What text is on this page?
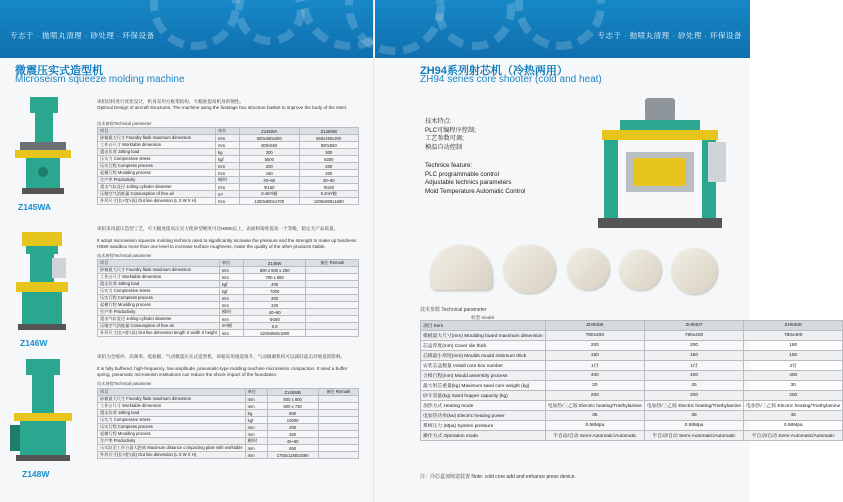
专志于 · 抛喷丸清理 · 砂处理 · 环保设备
微震压实式造型机
Microseism squeeze molding machine
Z145WA
Z146W
Z148W
该机结构进行优化设计，机身采用方框架结构，大幅度提高机身的钢性。
Optimal Design of aircraft structures. The machine using the fuselage box structure basket to improve the body of the steel.
技术参数Technical parameter
项目	单位	Z145WA	Z145WB
砂箱最大尺寸 Foundry flask maximum dimension	mm	500x450x200	550x450x200
工作台尺寸 Worktable dimension	mm	800x550	800x550
震击负荷 Jolting load	kg	300	300
压实力 Compressive stress	kgf	5500	6300
压实行程 Compress process	mm	200	200
起模行程 Moulding process	mm	180	200
生产率 Productivity	模/时	40~60	40~60
震击气缸直径 Jolting cylinder diameter	mm	Φ150	Φ150
压缩空气消耗量 Consumption of free air	m³	0.4m³/模	0.4m³/模
外形尺寸(长×宽×高) Out line dimension (L X W X H)	mm	1300x800x1700	1200x800x1680
该机采用震压造型工艺，可大幅度提高压实力使砂型硬度可达HB90以上，表面和铸度提高一个等级，稳定无产品质量。
It adopt microseism squeeze molding technics used to significantly increase the pressure and the strength to make up hardness HB90 sandbox more than one level to increase surface roughness, make the quality of the other products stable.
技术参数Technical parameter
项目	单位	Z146W	备注 Remark
砂箱最大尺寸 Foundry flask maximum dimension	mm	600 x 500 x 250	
工作台尺寸 Worktable dimension	mm	700 x 650	
震击负荷 Jolting load	kgf	400	
压实力 Compressive stress	kgf	7000	
压实行程 Compress process	mm	200	
起模行程 Moulding process	mm	220	
生产率 Productivity	模/时	40~60	
震击气缸直径 Jolting cylinder diameter	mm	Φ180	
压缩空气消耗量 Consumption of free air	m³/模	0.6	
外形尺寸(长×宽×高) Out line dimension length X width X height	mm	1100x850x1800	
该机为全缓冲，高频率、低振幅、气动微震压实式造型机，砂箱采用滚道推升，气动做紧机构可以减轻震击对地基的影响。
It is fully buffered, high-frequency, low amplitude, pneumatic-type molding machine microseism compaction. It used a buffer spring, pneumatic microseism institutions can reduce the shock impact of the foundation.
技术参数Technical parameter
项目	单位	Z148WB	备注 Remark
砂箱最大尺寸 Foundry flask maximum dimension	mm	800 x 600	
工作台尺寸 Worktable dimension	mm	900 x 730	
震击负荷 Jolting load	kg	800	
压实力 Compressive stress	kgf	10000	
压实行程 Compress process	mm	200	
起模行程 Moulding process	mm	250	
生产率 Productivity	模/时	40~60	
压实缸至工作台最大距离 Maximum distance compacting plate with worktable	mm	650	
外形尺寸(长×宽×高) Out line dimension (L X W X H)	mm	1750x1180x2090	
专志于 · 抛喷丸清理 · 砂处理 · 环保设备
ZH94系列射芯机（冷热两用）
ZH94 series core shooter (cold and heat)
技术特点:
PLC可编程序控制;
工艺参数可调;
模温自动控制
Technice feature:
PLC programmable control
Adjustable technics parameters
Mold Temperature Automatic Control
技术参数 Technical parameter
机型 model
项目 Item	ZH9406	ZH9407	ZH9408
模板最大尺寸(mm) Moulding board maximum dimension	780x400	780x400	780x400
芯盒厚度(mm) Cover die thick	200	200	180
芯模最小厚度(mm) Moulds mould minimum thick	150	150	150
安装芯盒数量 Install core box number	1付	1付	2付
合模行程(mm) Mould assembly process	400	400	400
最大射芯重量(kg) Maximum sand core weight (kg)	20	25	30
砂斗容量(kg) Sand hopper capacity (kg)	200	200	200
加热方式 Heating mode	电加热/三乙胺 Electric heating/Triethylamine	电加热/三乙胺 Electric heating/Triethylamine	电加热/三乙胺 Electric heating/Triethylamine
电加热功率(kw) Electric heating power	35	35	45
系统压力 (Mpa) System pressure	0.58Mpa	0.58Mpa	0.58Mpa
操作方式 Operation mode	半自动/自动 Semi-Automatic/Automatic	半自动/自动 Semi-Automatic/Automatic	半自动/自动 Semi-Automatic/Automatic
注：冷芯盒加铸造装置 Note: cold core add and enhance press device.
